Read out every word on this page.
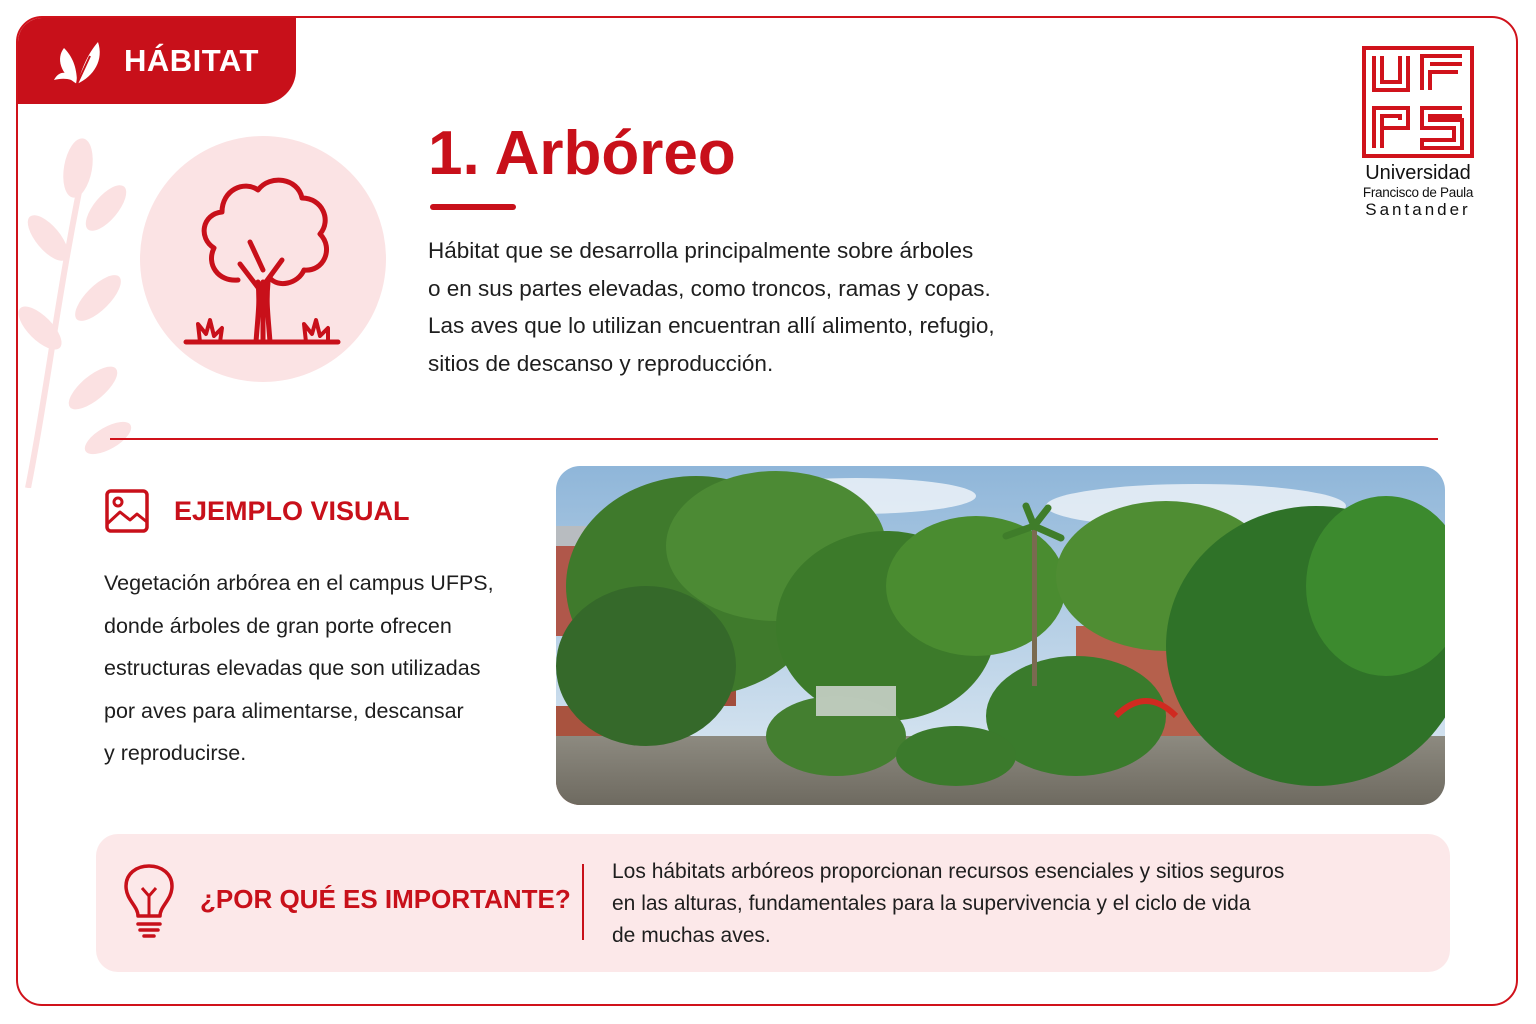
HÁBITAT
1. Arbóreo
Hábitat que se desarrolla principalmente sobre árboles
o en sus partes elevadas, como troncos, ramas y copas.
Las aves que lo utilizan encuentran allí alimento, refugio,
sitios de descanso y reproducción.
Universidad
Francisco de Paula
Santander
EJEMPLO VISUAL
Vegetación arbórea en el campus UFPS,
donde árboles de gran porte ofrecen
estructuras elevadas que son utilizadas
por aves para alimentarse, descansar
y reproducirse.
¿POR QUÉ ES IMPORTANTE?
Los hábitats arbóreos proporcionan recursos esenciales y sitios seguros
en las alturas, fundamentales para la supervivencia y el ciclo de vida
de muchas aves.
